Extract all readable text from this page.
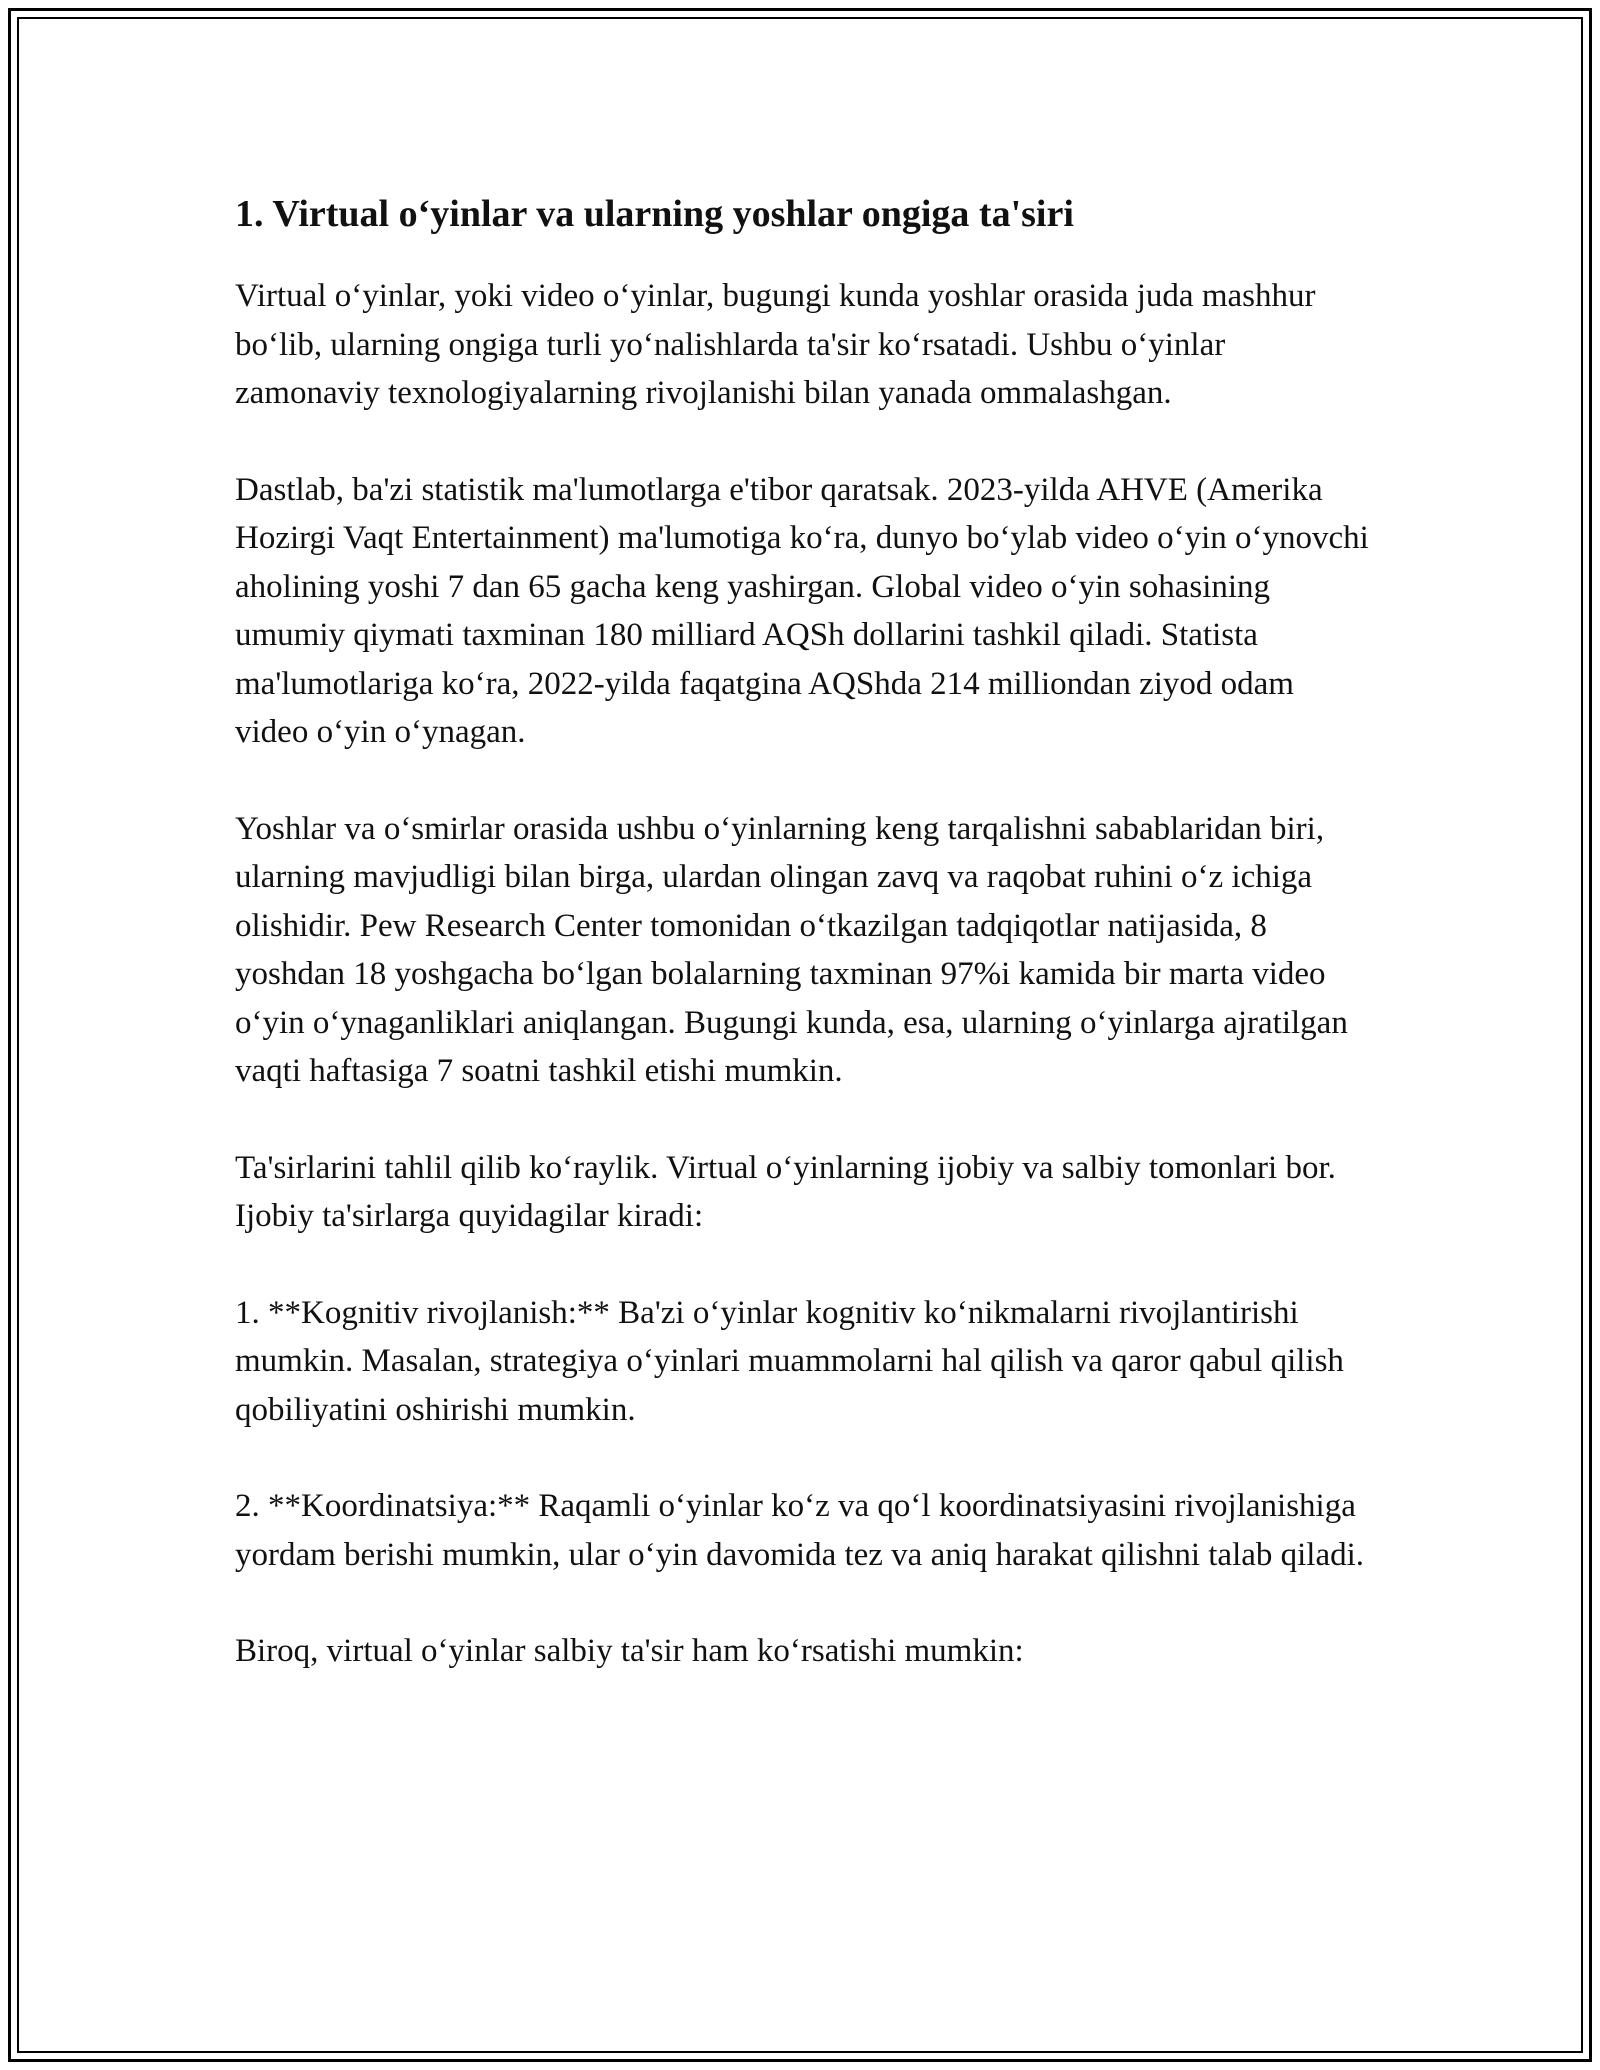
1. Virtual o‘yinlar va ularning yoshlar ongiga ta'siri

Virtual o‘yinlar, yoki video o‘yinlar, bugungi kunda yoshlar orasida juda mashhur bo‘lib, ularning ongiga turli yo‘nalishlarda ta'sir ko‘rsatadi. Ushbu o‘yinlar zamonaviy texnologiyalarning rivojlanishi bilan yanada ommalashgan.

Dastlab, ba'zi statistik ma'lumotlarga e'tibor qaratsak. 2023-yilda AHVE (Amerika Hozirgi Vaqt Entertainment) ma'lumotiga ko‘ra, dunyo bo‘ylab video o‘yin o‘ynovchi aholining yoshi 7 dan 65 gacha keng yashirgan. Global video o‘yin sohasining umumiy qiymati taxminan 180 milliard AQSh dollarini tashkil qiladi. Statista ma'lumotlariga ko‘ra, 2022-yilda faqatgina AQShda 214 milliondan ziyod odam video o‘yin o‘ynagan.

Yoshlar va o‘smirlar orasida ushbu o‘yinlarning keng tarqalishni sabablaridan biri, ularning mavjudligi bilan birga, ulardan olingan zavq va raqobat ruhini o‘z ichiga olishidir. Pew Research Center tomonidan o‘tkazilgan tadqiqotlar natijasida, 8 yoshdan 18 yoshgacha bo‘lgan bolalarning taxminan 97%i kamida bir marta video o‘yin o‘ynaganliklari aniqlangan. Bugungi kunda, esa, ularning o‘yinlarga ajratilgan vaqti haftasiga 7 soatni tashkil etishi mumkin.

Ta'sirlarini tahlil qilib ko‘raylik. Virtual o‘yinlarning ijobiy va salbiy tomonlari bor. Ijobiy ta'sirlarga quyidagilar kiradi:

1. **Kognitiv rivojlanish:** Ba'zi o‘yinlar kognitiv ko‘nikmalarni rivojlantirishi mumkin. Masalan, strategiya o‘yinlari muammolarni hal qilish va qaror qabul qilish qobiliyatini oshirishi mumkin.

2. **Koordinatsiya:** Raqamli o‘yinlar ko‘z va qo‘l koordinatsiyasini rivojlanishiga yordam berishi mumkin, ular o‘yin davomida tez va aniq harakat qilishni talab qiladi.

Biroq, virtual o‘yinlar salbiy ta'sir ham ko‘rsatishi mumkin:
